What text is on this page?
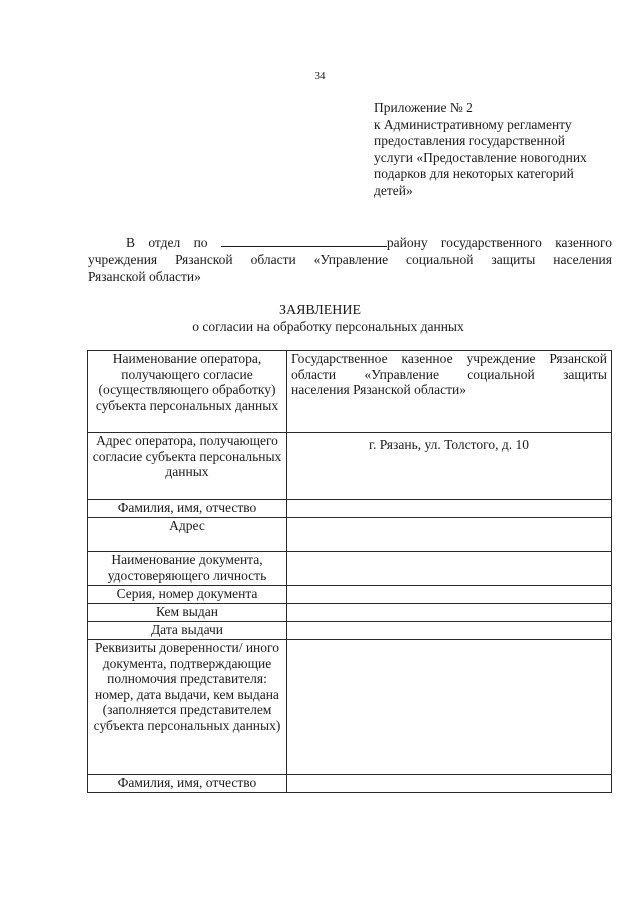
34
Приложение № 2
к Административному регламенту
предоставления государственной
услуги «Предоставление новогодних
подарков для некоторых категорий
детей»
В отдел по	району государственного казенного
учреждения Рязанской области «Управление социальной защиты населения
Рязанской области»
ЗАЯВЛЕНИЕ
о согласии на обработку персональных данных
Наименование оператора, получающего согласие (осуществляющего обработку) субъекта персональных данных	Государственное казенное учреждение Рязанской
области «Управление социальной защиты
населения Рязанской области»

Адрес оператора, получающего согласие субъекта персональных данных	г. Рязань, ул. Толстого, д. 10
Фамилия, имя, отчество	
Адрес	
Наименование документа, удостоверяющего личность	
Серия, номер документа	
Кем выдан	
Дата выдачи	
Реквизиты доверенности/ иного документа, подтверждающие полномочия представителя: номер, дата выдачи, кем выдана (заполняется представителем субъекта персональных данных)	
Фамилия, имя, отчество	
